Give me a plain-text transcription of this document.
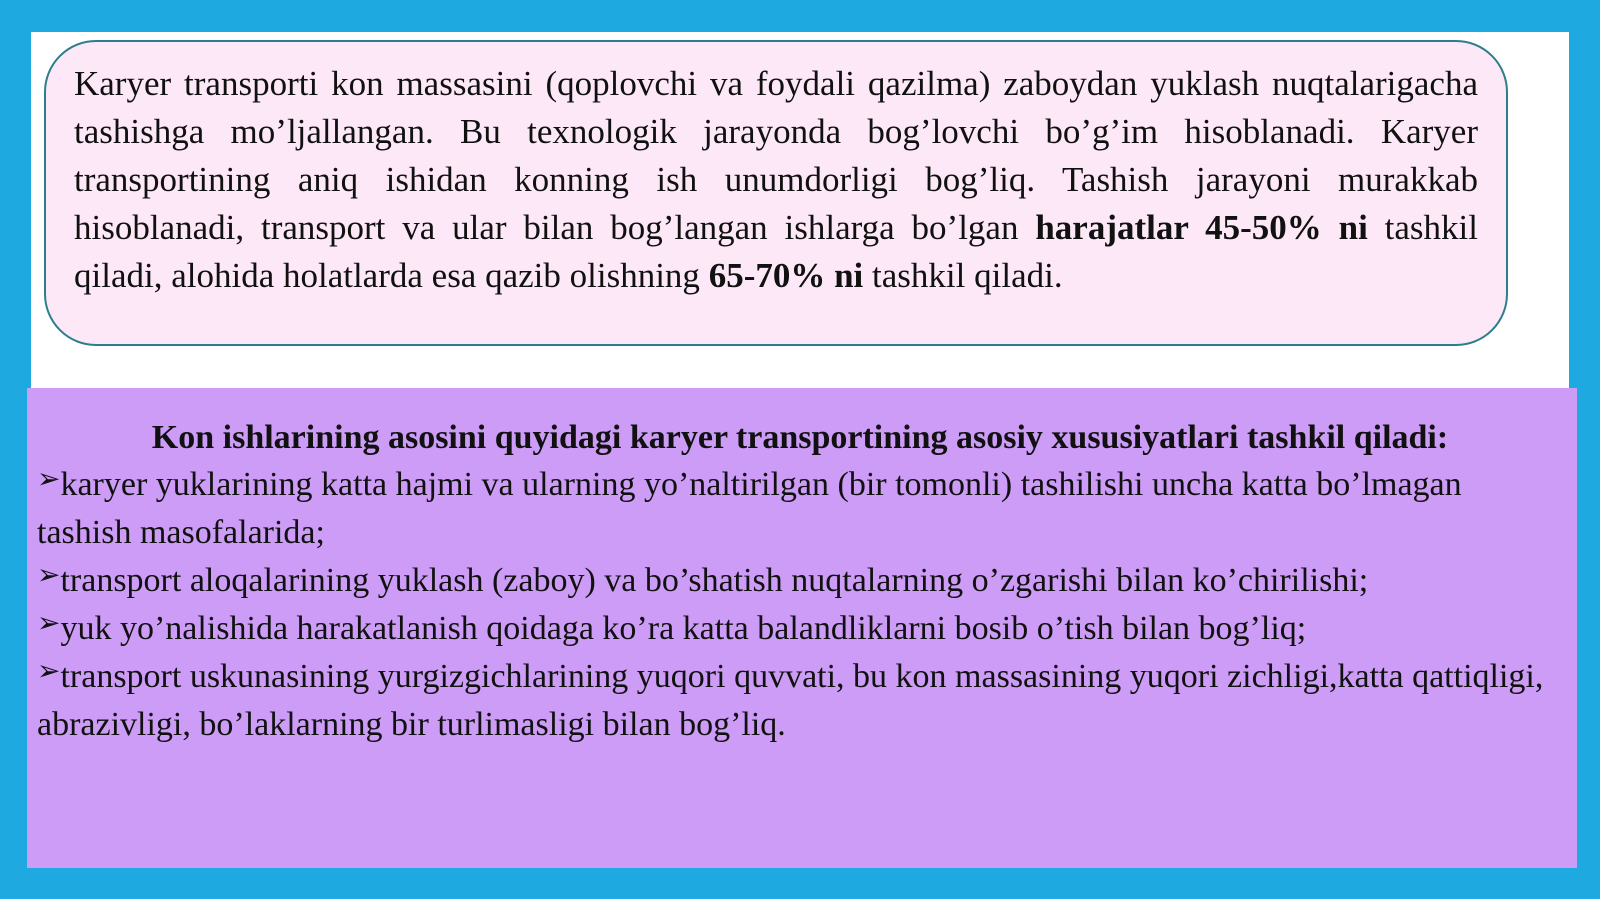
Karyer transporti kon massasini (qoplovchi va foydali qazilma) zaboydan yuklash nuqtalarigacha tashishga mo’ljallangan. Bu texnologik jarayonda bog’lovchi bo’g’im hisoblanadi. Karyer transportining aniq ishidan konning ish unumdorligi bog’liq. Tashish jarayoni murakkab hisoblanadi, transport va ular bilan bog’langan ishlarga bo’lgan harajatlar 45-50% ni tashkil qiladi, alohida holatlarda esa qazib olishning 65-70% ni tashkil qiladi.

Kon ishlarining asosini quyidagi karyer transportining asosiy xususiyatlari tashkil qiladi:

➢karyer yuklarining katta hajmi va ularning yo’naltirilgan (bir tomonli) tashilishi uncha katta bo’lmagan tashish masofalarida;
➢transport aloqalarining yuklash (zaboy) va bo’shatish nuqtalarning o’zgarishi bilan ko’chirilishi;
➢yuk yo’nalishida harakatlanish qoidaga ko’ra katta balandliklarni bosib o’tish bilan bog’liq;
➢transport uskunasining yurgizgichlarining yuqori quvvati, bu kon massasining yuqori zichligi,katta qattiqligi, abrazivligi, bo’laklarning bir turlimasligi bilan bog’liq.
